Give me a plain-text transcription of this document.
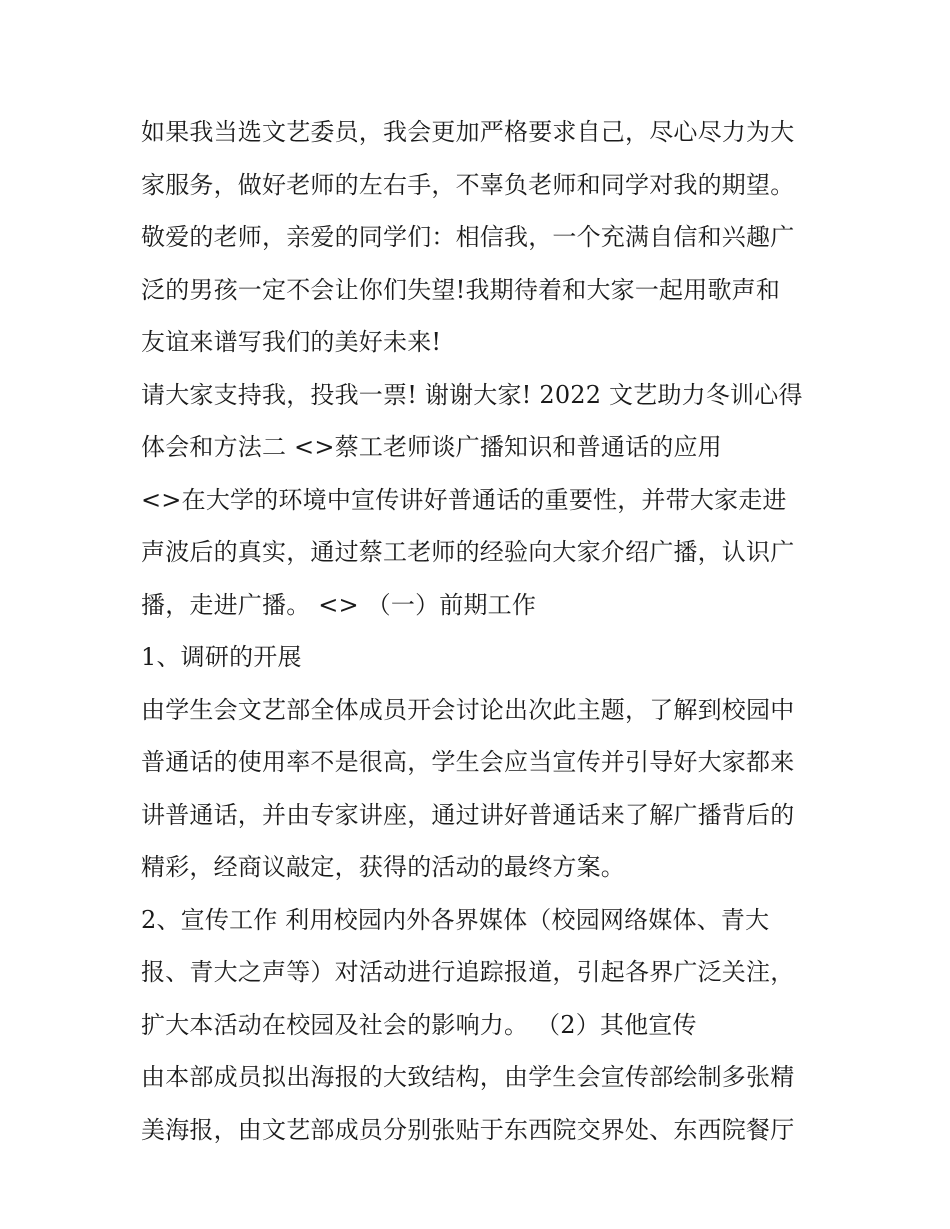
如果我当选文艺委员，我会更加严格要求自己，尽心尽力为大
家服务，做好老师的左右手，不辜负老师和同学对我的期望。
敬爱的老师，亲爱的同学们：相信我，一个充满自信和兴趣广
泛的男孩一定不会让你们失望!我期待着和大家一起用歌声和
友谊来谱写我们的美好未来!
请大家支持我，投我一票! 谢谢大家! 2022 文艺助力冬训心得
体会和方法二 <>蔡工老师谈广播知识和普通话的应用
<>在大学的环境中宣传讲好普通话的重要性，并带大家走进
声波后的真实，通过蔡工老师的经验向大家介绍广播，认识广
播，走进广播。 <> （一）前期工作
1、调研的开展
由学生会文艺部全体成员开会讨论出次此主题，了解到校园中
普通话的使用率不是很高，学生会应当宣传并引导好大家都来
讲普通话，并由专家讲座，通过讲好普通话来了解广播背后的
精彩，经商议敲定，获得的活动的最终方案。
2、宣传工作 利用校园内外各界媒体（校园网络媒体、青大
报、青大之声等）对活动进行追踪报道，引起各界广泛关注，
扩大本活动在校园及社会的影响力。 （2）其他宣传
由本部成员拟出海报的大致结构，由学生会宣传部绘制多张精
美海报，由文艺部成员分别张贴于东西院交界处、东西院餐厅
